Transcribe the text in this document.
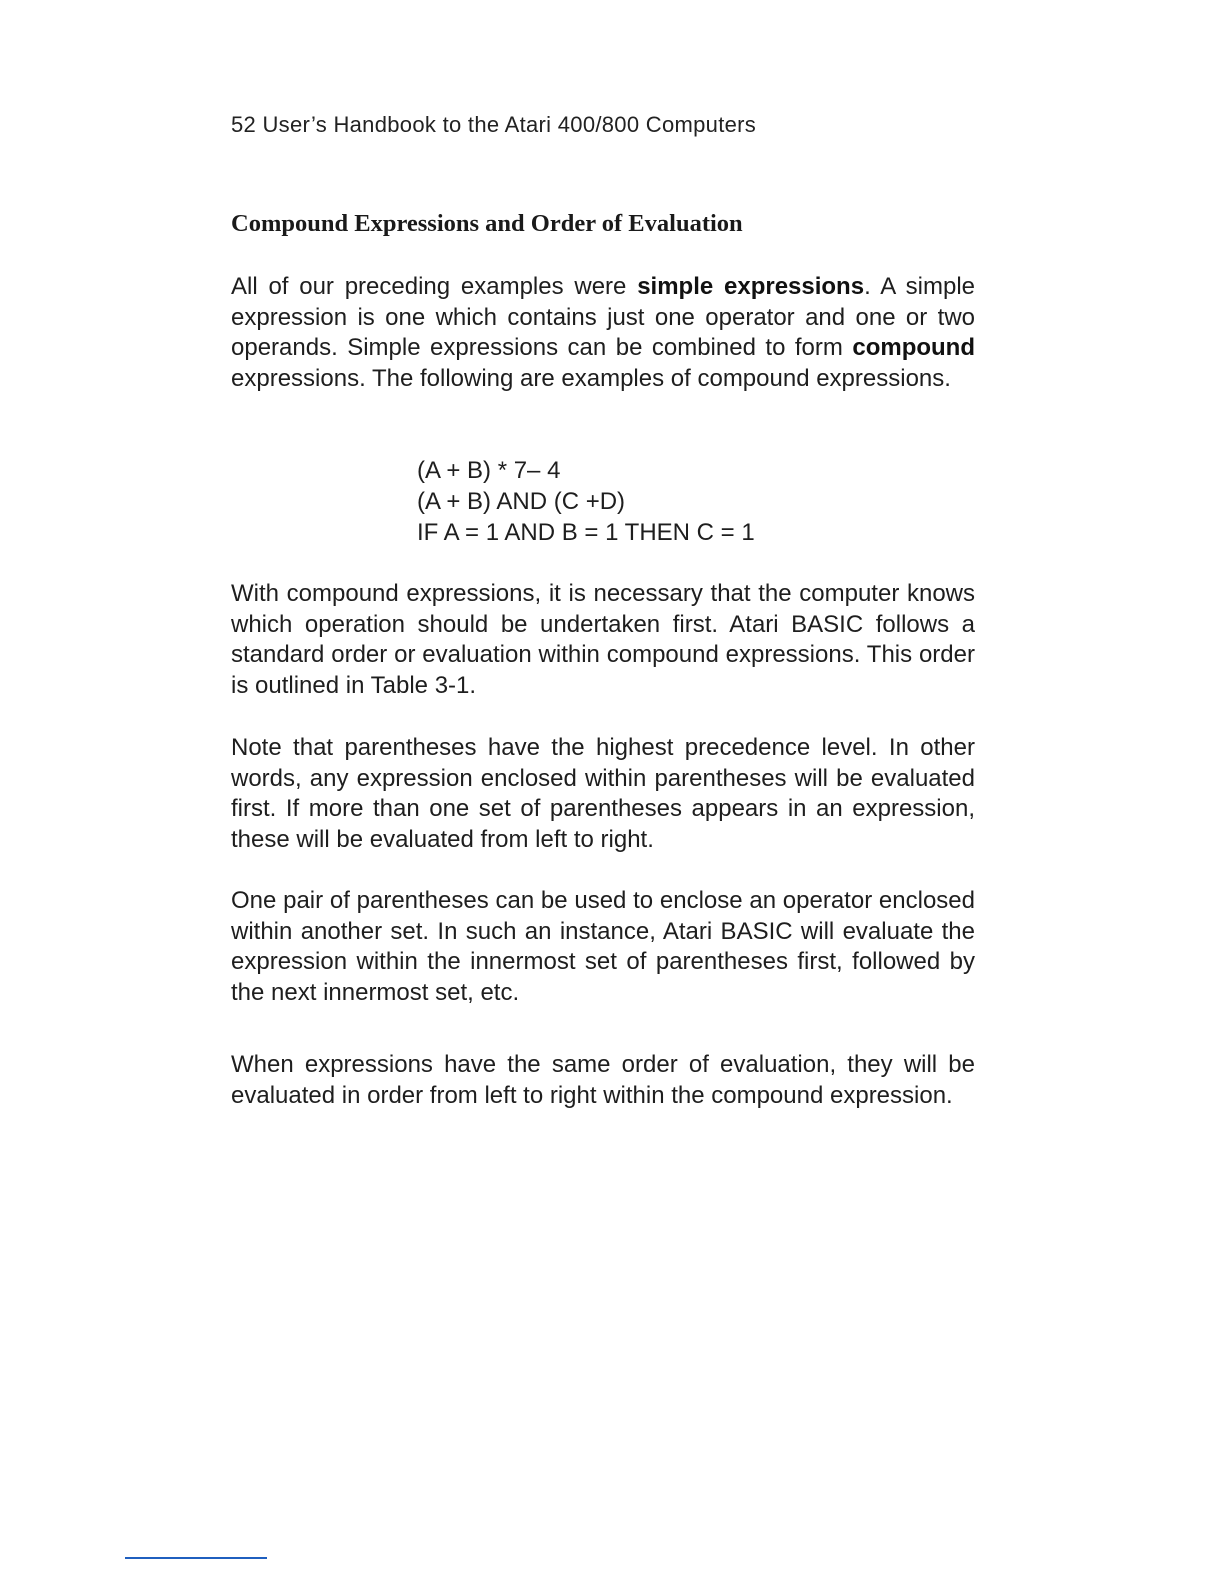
52 User’s Handbook to the Atari 400/800 Computers
Compound Expressions and Order of Evaluation

All of our preceding examples were simple expressions. A simple expression is one which contains just one operator and one or two operands. Simple expressions can be combined to form compound expressions. The following are examples of compound expressions.

(A + B) * 7– 4
(A + B) AND (C +D)
IF A = 1 AND B = 1 THEN C = 1

With compound expressions, it is necessary that the computer knows which operation should be undertaken first. Atari BASIC follows a standard order or evaluation within compound expressions. This order is outlined in Table 3-1.

Note that parentheses have the highest precedence level. In other words, any expression enclosed within parentheses will be evaluated first. If more than one set of parentheses appears in an expression, these will be evaluated from left to right.

One pair of parentheses can be used to enclose an operator enclosed within another set. In such an instance, Atari BASIC will evaluate the expression within the innermost set of parentheses first, followed by the next innermost set, etc.

When expressions have the same order of evaluation, they will be evaluated in order from left to right within the compound expression.
